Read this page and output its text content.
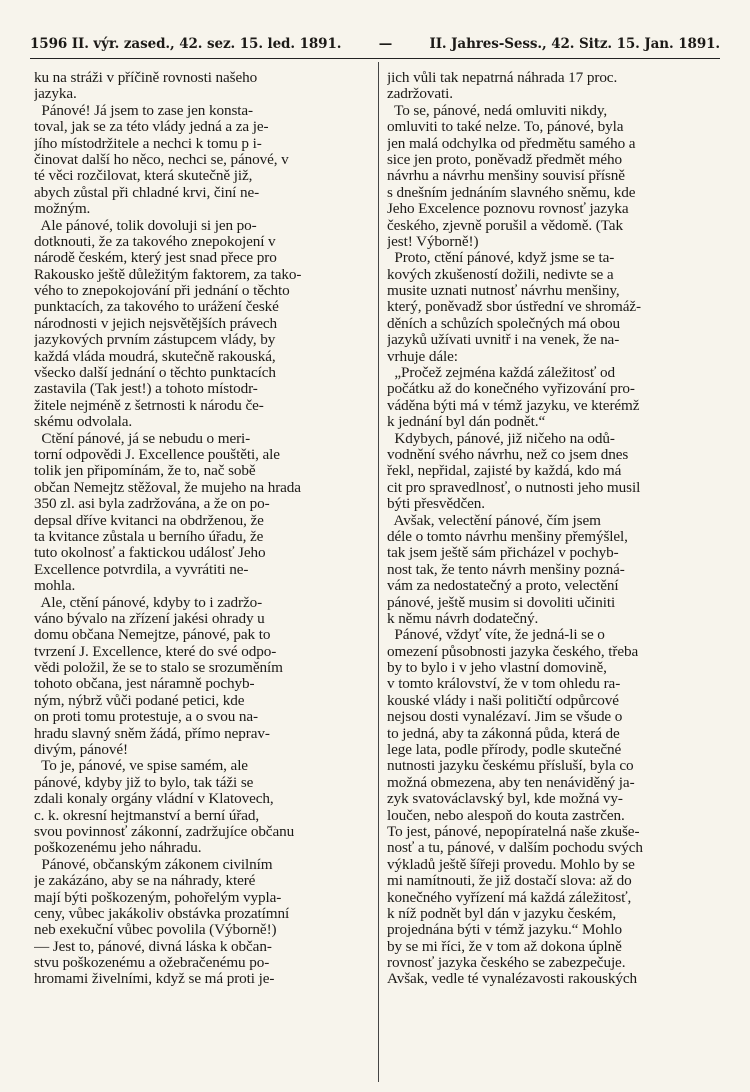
1596 II. výr. zased., 42. sez. 15. led. 1891.	—	II. Jahres-Sess., 42. Sitz. 15. Jan. 1891.
ku na stráži v příčině rovnosti našeho
jazyka.
Pánové! Já jsem to zase jen konsta-
toval, jak se za této vlády jedná a za je-
jího místodržitele a nechci k tomu p i-
činovat další ho něco, nechci se, pánové, v
té věci rozčilovat, která skutečně již,
abych zůstal při chladné krvi, činí ne-
možným.
Ale pánové, tolik dovoluji si jen po-
dotknouti, že za takového znepokojení v
národě českém, který jest snad přece pro
Rakousko ještě důležitým faktorem, za tako-
vého to znepokojování při jednání o těchto
punktacích, za takového to urážení české
národnosti v jejich nejsvětějších právech
jazykových prvním zástupcem vlády, by
každá vláda moudrá, skutečně rakouská,
všecko další jednání o těchto punktacích
zastavila (Tak jest!) a tohoto místodr-
žitele nejméně z šetrnosti k národu če-
skému odvolala.
Ctění pánové, já se nebudu o meri-
torní odpovědi J. Excellence pouštěti, ale
tolik jen připomínám, že to, nač sobě
občan Nemejtz stěžoval, že mujeho na hrada
350 zl. asi byla zadržována, a že on po-
depsal dříve kvitanci na obdrženou, že
ta kvitance zůstala u berního úřadu, že
tuto okolnosť a faktickou událosť Jeho
Excellence potvrdila, a vyvrátiti ne-
mohla.
Ale, ctění pánové, kdyby to i zadržo-
váno bývalo na zřízení jakési ohrady u
domu občana Nemejtze, pánové, pak to
tvrzení J. Excellence, které do své odpo-
vědi položil, že se to stalo se srozuměním
tohoto občana, jest náramně pochyb-
ným, nýbrž vůči podané petici, kde
on proti tomu protestuje, a o svou na-
hradu slavný sněm žádá, přímo neprav-
divým, pánové!
To je, pánové, ve spise samém, ale
pánové, kdyby již to bylo, tak táži se
zdali konaly orgány vládní v Klatovech,
c. k. okresní hejtmanství a berní úřad,
svou povinnosť zákonní, zadržujíce občanu
poškozenému jeho náhradu.
Pánové, občanským zákonem civilním
je zakázáno, aby se na náhrady, které
mají býti poškozeným, pohořelým vypla-
ceny, vůbec jakákoliv obstávka prozatímní
neb exekuční vůbec povolila (Výborně!)
— Jest to, pánové, divná láska k občan-
stvu poškozenému a ožebračenému po-
hromami živelními, když se má proti je-
jich vůli tak nepatrná náhrada 17 proc.
zadržovati.
To se, pánové, nedá omluviti nikdy,
omluviti to také nelze. To, pánové, byla
jen malá odchylka od předmětu samého a
sice jen proto, poněvadž předmět mého
návrhu a návrhu menšiny souvisí přísně
s dnešním jednáním slavného sněmu, kde
Jeho Excelence poznovu rovnosť jazyka
českého, zjevně porušil a vědomě. (Tak
jest! Výborně!)
Proto, ctění pánové, když jsme se ta-
kových zkušeností dožili, nedivte se a
musite uznati nutnosť návrhu menšiny,
který, poněvadž sbor ústřední ve shromáž-
děních a schůzích společných má obou
jazyků užívati uvnitř i na venek, že na-
vrhuje dále:
„Pročež zejména každá záležitosť od
počátku až do konečného vyřizování pro-
váděna býti má v témž jazyku, ve kterémž
k jednání byl dán podnět.“
Kdybych, pánové, již ničeho na odů-
vodnění svého návrhu, než co jsem dnes
řekl, nepřidal, zajisté by každá, kdo má
cit pro spravedlnosť, o nutnosti jeho musil
býti přesvědčen.
Avšak, velectění pánové, čím jsem
déle o tomto návrhu menšiny přemýšlel,
tak jsem ještě sám přicházel v pochyb-
nost tak, že tento návrh menšiny pozná-
vám za nedostatečný a proto, velectění
pánové, ještě musim si dovoliti učiniti
k němu návrh dodatečný.
Pánové, vždyť víte, že jedná-li se o
omezení působnosti jazyka českého, třeba
by to bylo i v jeho vlastní domovině,
v tomto království, že v tom ohledu ra-
kouské vlády i naši političtí odpůrcové
nejsou dosti vynalézaví. Jim se všude o
to jedná, aby ta zákonná půda, která de
lege lata, podle přírody, podle skutečné
nutnosti jazyku českému přísluší, byla co
možná obmezena, aby ten nenáviděný ja-
zyk svatováclavský byl, kde možná vy-
loučen, nebo alespoň do kouta zastrčen.
To jest, pánové, nepopíratelná naše zkuše-
nosť a tu, pánové, v dalším pochodu svých
výkladů ještě šířeji provedu. Mohlo by se
mi namítnouti, že již dostačí slova: až do
konečného vyřízení má každá záležitosť,
k níž podnět byl dán v jazyku českém,
projednána býti v témž jazyku.“ Mohlo
by se mi říci, že v tom až dokona úplně
rovnosť jazyka českého se zabezpečuje.
Avšak, vedle té vynalézavosti rakouských
